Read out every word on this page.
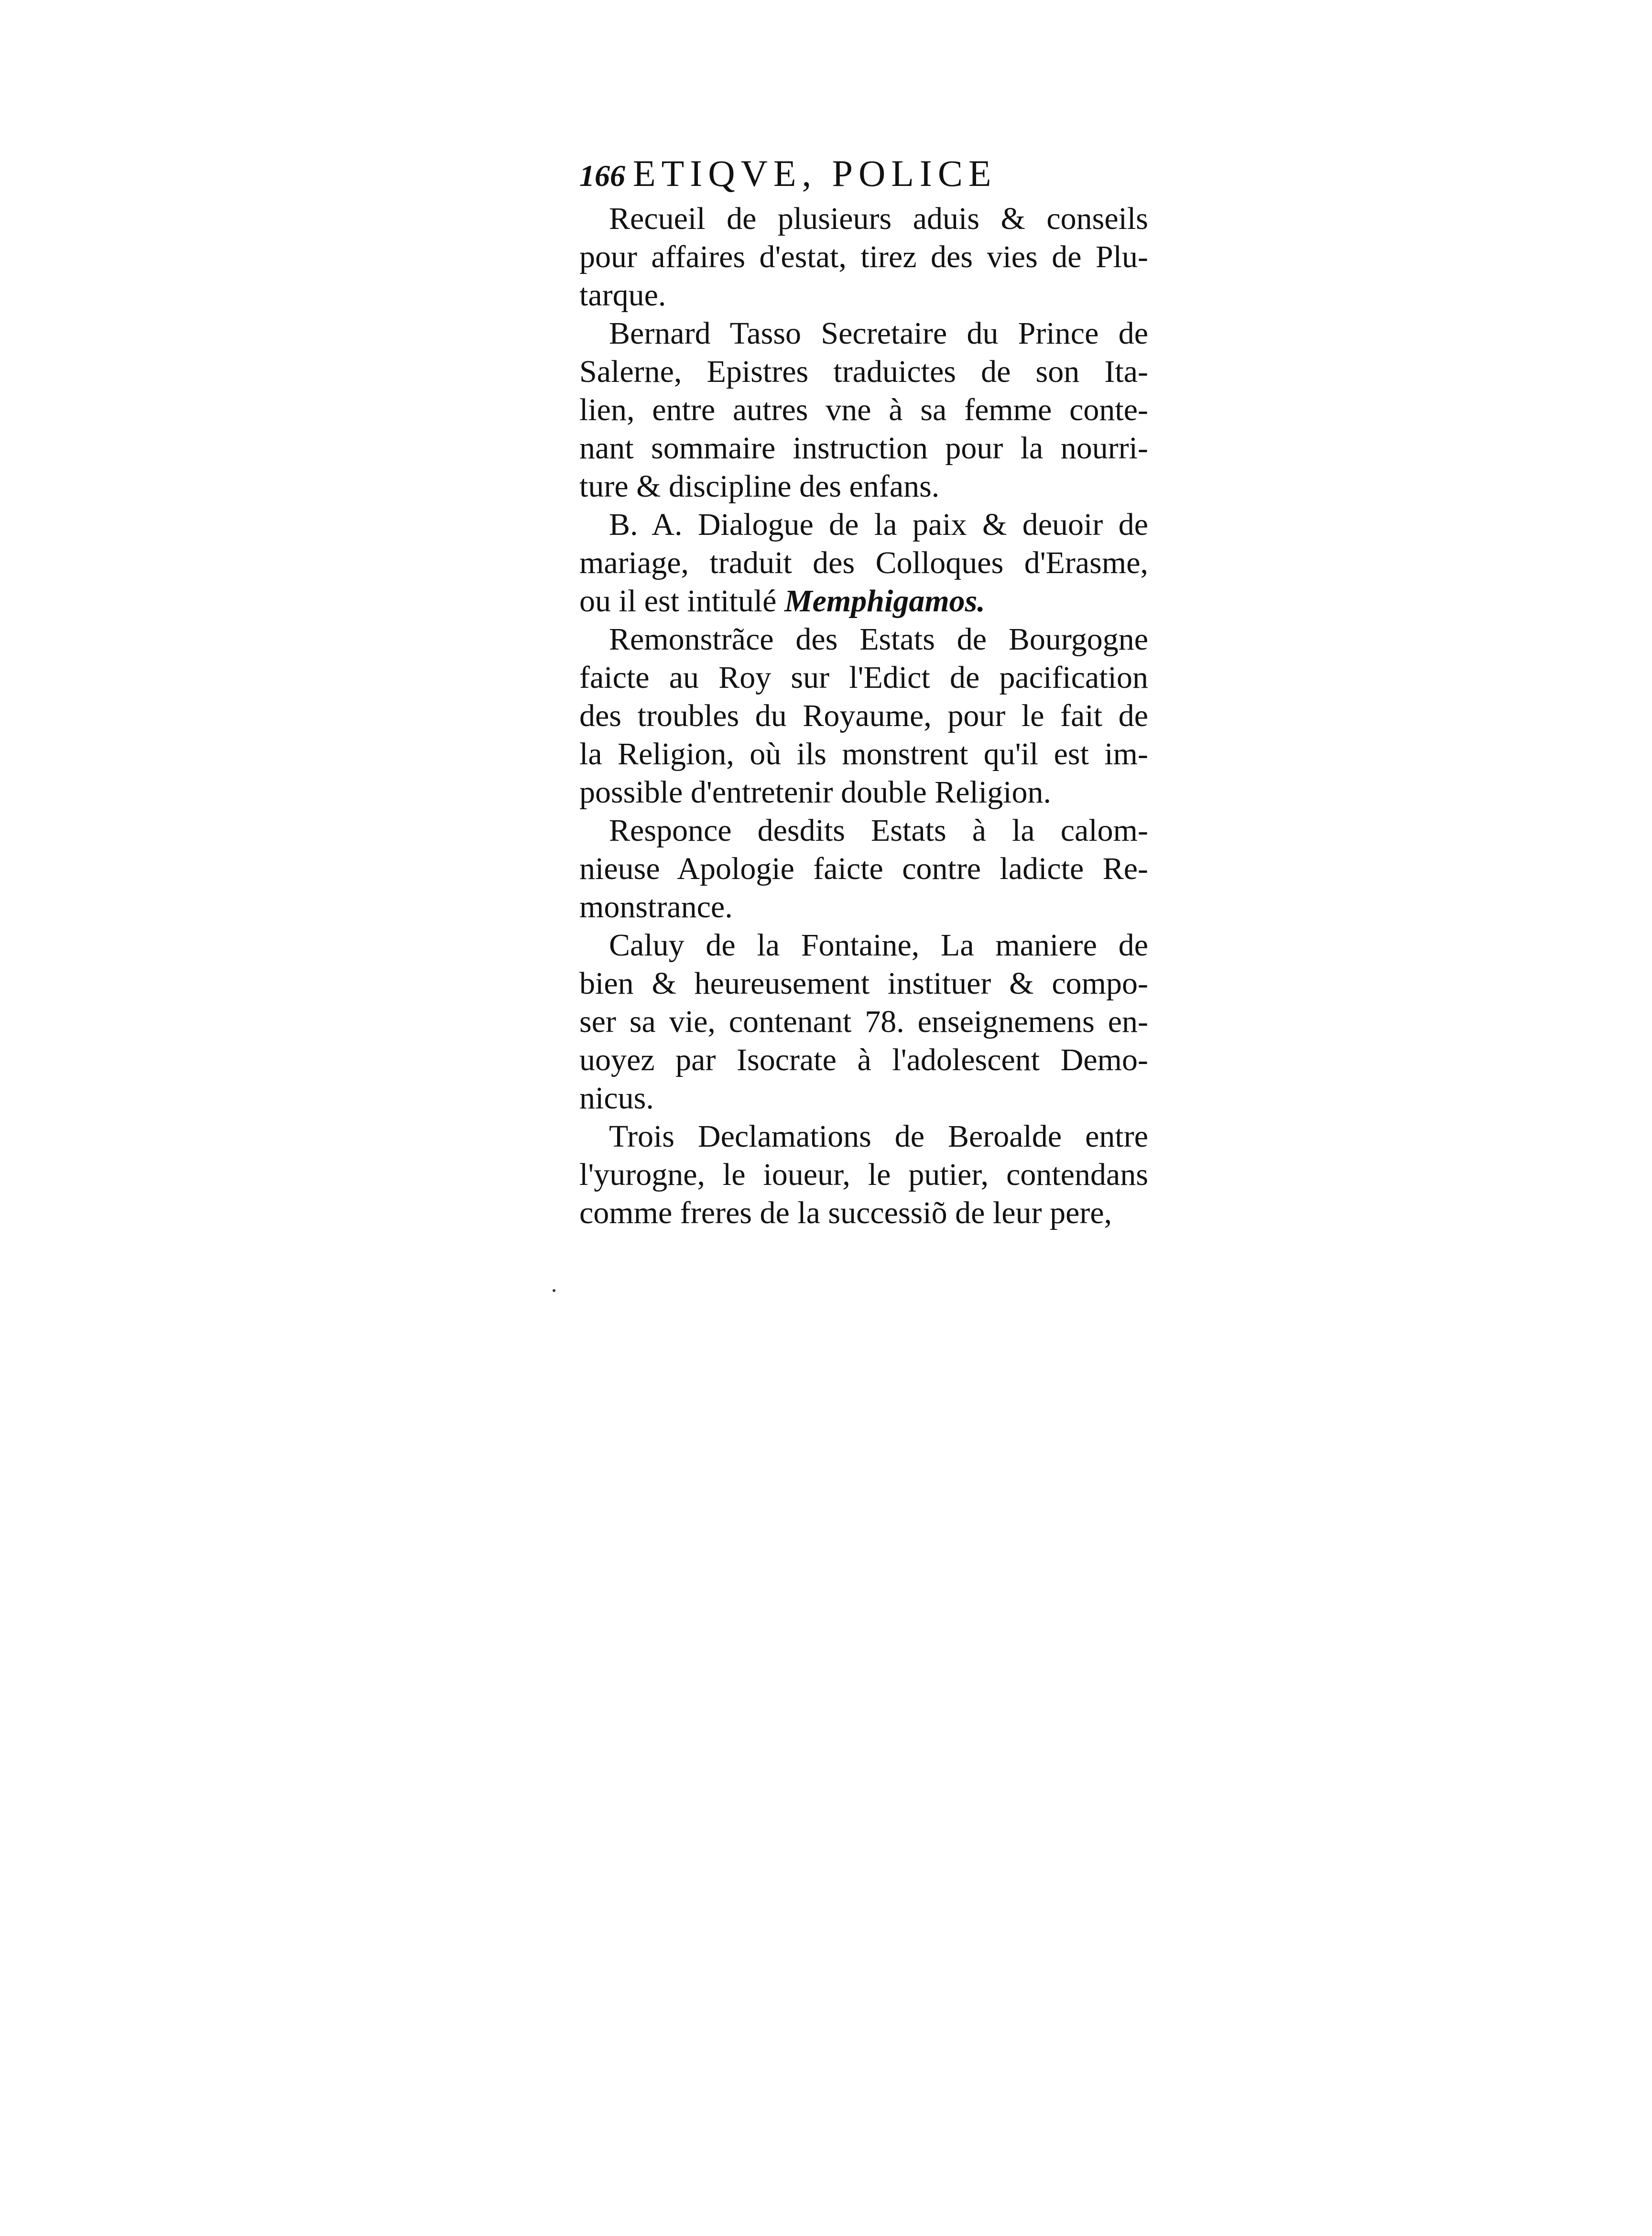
166 ETIQVE, POLICE
Recueil de plusieurs aduis & conseils
pour affaires d'estat, tirez des vies de Plu-
tarque.
Bernard Tasso Secretaire du Prince de
Salerne, Epistres traduictes de son Ita-
lien, entre autres vne à sa femme conte-
nant sommaire instruction pour la nourri-
ture & discipline des enfans.
B. A. Dialogue de la paix & deuoir de
mariage, traduit des Colloques d'Erasme,
ou il est intitulé Memphigamos.
Remonstrãce des Estats de Bourgogne
faicte au Roy sur l'Edict de pacification
des troubles du Royaume, pour le fait de
la Religion, où ils monstrent qu'il est im-
possible d'entretenir double Religion.
Responce desdits Estats à la calom-
nieuse Apologie faicte contre ladicte Re-
monstrance.
Caluy de la Fontaine, La maniere de
bien & heureusement instituer & compo-
ser sa vie, contenant 78. enseignemens en-
uoyez par Isocrate à l'adolescent Demo-
nicus.
Trois Declamations de Beroalde entre
l'yurogne, le ioueur, le putier, contendans
comme freres de la successiõ de leur pere,
